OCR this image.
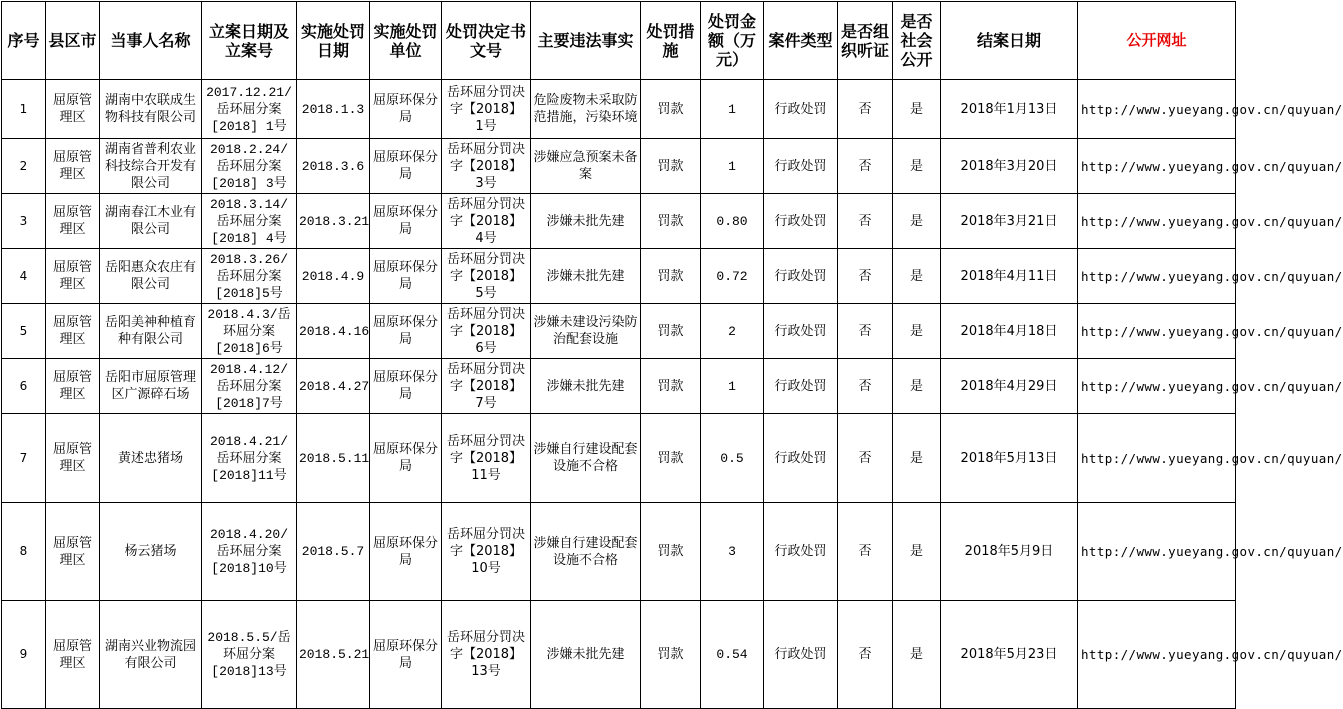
序号	县区市	当事人名称	立案日期及立案号	实施处罚日期	实施处罚单位	处罚决定书文号	主要违法事实	处罚措施	处罚金额（万元）	案件类型	是否组织听证	是否社会公开	结案日期	公开网址
1	屈原管理区	湖南中农联成生物科技有限公司	2017.12.21/岳环屈分案[2018] 1号	2018.1.3	屈原环保分局	岳环屈分罚决字【2018】 1号	危险废物未采取防范措施，污染环境	罚款	1	行政处罚	否	是	2018年1月13日	http://www.yueyang.gov.cn/quyuan/
2	屈原管理区	湖南省普利农业科技综合开发有限公司	2018.2.24/岳环屈分案[2018] 3号	2018.3.6	屈原环保分局	岳环屈分罚决字【2018】 3号	涉嫌应急预案未备案	罚款	1	行政处罚	否	是	2018年3月20日	http://www.yueyang.gov.cn/quyuan/
3	屈原管理区	湖南春江木业有限公司	2018.3.14/岳环屈分案[2018] 4号	2018.3.21	屈原环保分局	岳环屈分罚决字【2018】 4号	涉嫌未批先建	罚款	0.80	行政处罚	否	是	2018年3月21日	http://www.yueyang.gov.cn/quyuan/
4	屈原管理区	岳阳惠众农庄有限公司	2018.3.26/岳环屈分案[2018]5号	2018.4.9	屈原环保分局	岳环屈分罚决字【2018】 5号	涉嫌未批先建	罚款	0.72	行政处罚	否	是	2018年4月11日	http://www.yueyang.gov.cn/quyuan/
5	屈原管理区	岳阳美神种植育种有限公司	2018.4.3/岳环屈分案[2018]6号	2018.4.16	屈原环保分局	岳环屈分罚决字【2018】 6号	涉嫌未建设污染防治配套设施	罚款	2	行政处罚	否	是	2018年4月18日	http://www.yueyang.gov.cn/quyuan/
6	屈原管理区	岳阳市屈原管理区广源碎石场	2018.4.12/岳环屈分案[2018]7号	2018.4.27	屈原环保分局	岳环屈分罚决字【2018】 7号	涉嫌未批先建	罚款	1	行政处罚	否	是	2018年4月29日	http://www.yueyang.gov.cn/quyuan/
7	屈原管理区	黄述忠猪场	2018.4.21/岳环屈分案[2018]11号	2018.5.11	屈原环保分局	岳环屈分罚决字【2018】 11号	涉嫌自行建设配套设施不合格	罚款	0.5	行政处罚	否	是	2018年5月13日	http://www.yueyang.gov.cn/quyuan/
8	屈原管理区	杨云猪场	2018.4.20/岳环屈分案[2018]10号	2018.5.7	屈原环保分局	岳环屈分罚决字【2018】 10号	涉嫌自行建设配套设施不合格	罚款	3	行政处罚	否	是	2018年5月9日	http://www.yueyang.gov.cn/quyuan/
9	屈原管理区	湖南兴业物流园有限公司	2018.5.5/岳环屈分案[2018]13号	2018.5.21	屈原环保分局	岳环屈分罚决字【2018】 13号	涉嫌未批先建	罚款	0.54	行政处罚	否	是	2018年5月23日	http://www.yueyang.gov.cn/quyuan/
